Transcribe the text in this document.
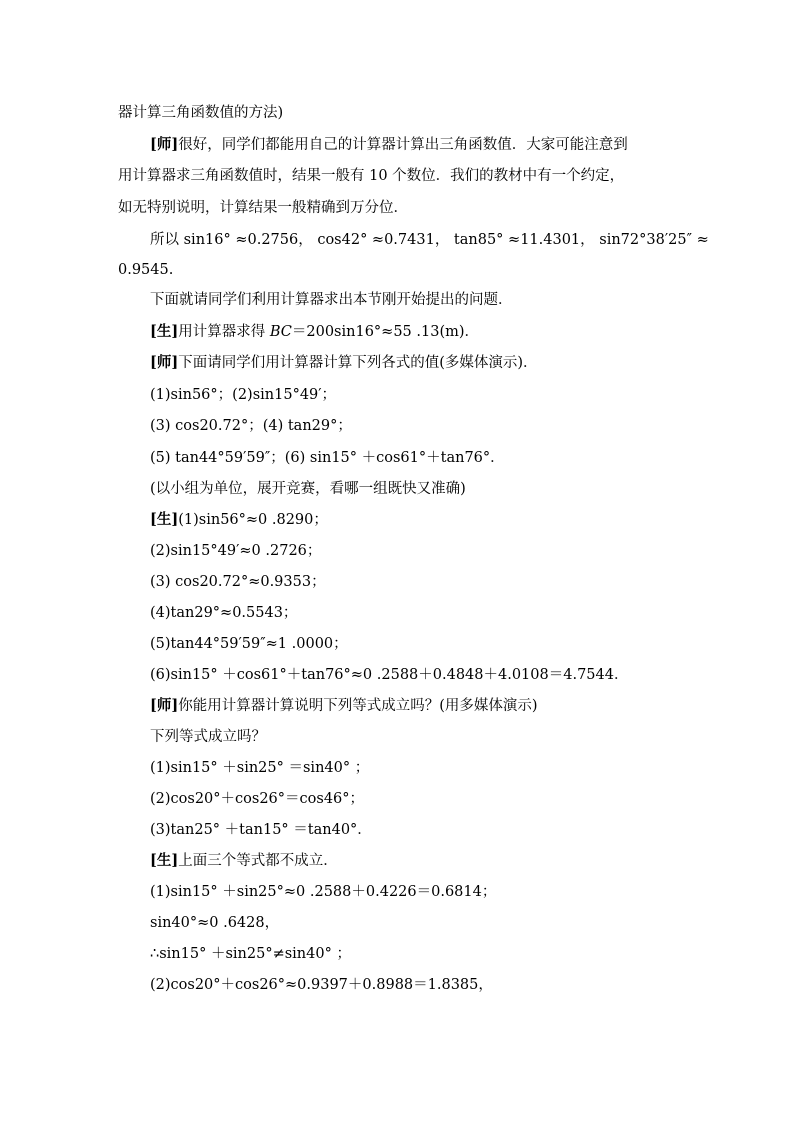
器计算三角函数值的方法)
[师]很好，同学们都能用自己的计算器计算出三角函数值．大家可能注意到
用计算器求三角函数值时，结果一般有 10 个数位．我们的教材中有一个约定，
如无特别说明，计算结果一般精确到万分位．
所以 sin16° ≈0.2756， cos42° ≈0.7431， tan85° ≈11.4301， sin72°38′25″ ≈
0.9545.
下面就请同学们利用计算器求出本节刚开始提出的问题．
[生]用计算器求得 BC＝200sin16°≈55 .13(m)．
[师]下面请同学们用计算器计算下列各式的值(多媒体演示)．
(1)sin56°；(2)sin15°49′；
(3) cos20.72°；(4) tan29°；
(5) tan44°59′59″；(6) sin15° ＋cos61°＋tan76°．
(以小组为单位，展开竞赛，看哪一组既快又准确)
[生](1)sin56°≈0 .8290；
(2)sin15°49′≈0 .2726；
(3) cos20.72°≈0.9353；
(4)tan29°≈0.5543；
(5)tan44°59′59″≈1 .0000；
(6)sin15° ＋cos61°＋tan76°≈0 .2588＋0.4848＋4.0108＝4.7544．
[师]你能用计算器计算说明下列等式成立吗？(用多媒体演示)
下列等式成立吗？
(1)sin15° ＋sin25° ＝sin40° ；
(2)cos20°＋cos26°＝cos46°；
(3)tan25° ＋tan15° ＝tan40°．
[生]上面三个等式都不成立．
(1)sin15° ＋sin25°≈0 .2588＋0.4226＝0.6814；
sin40°≈0 .6428，
∴sin15° ＋sin25°≠sin40° ；
(2)cos20°＋cos26°≈0.9397＋0.8988＝1.8385，
